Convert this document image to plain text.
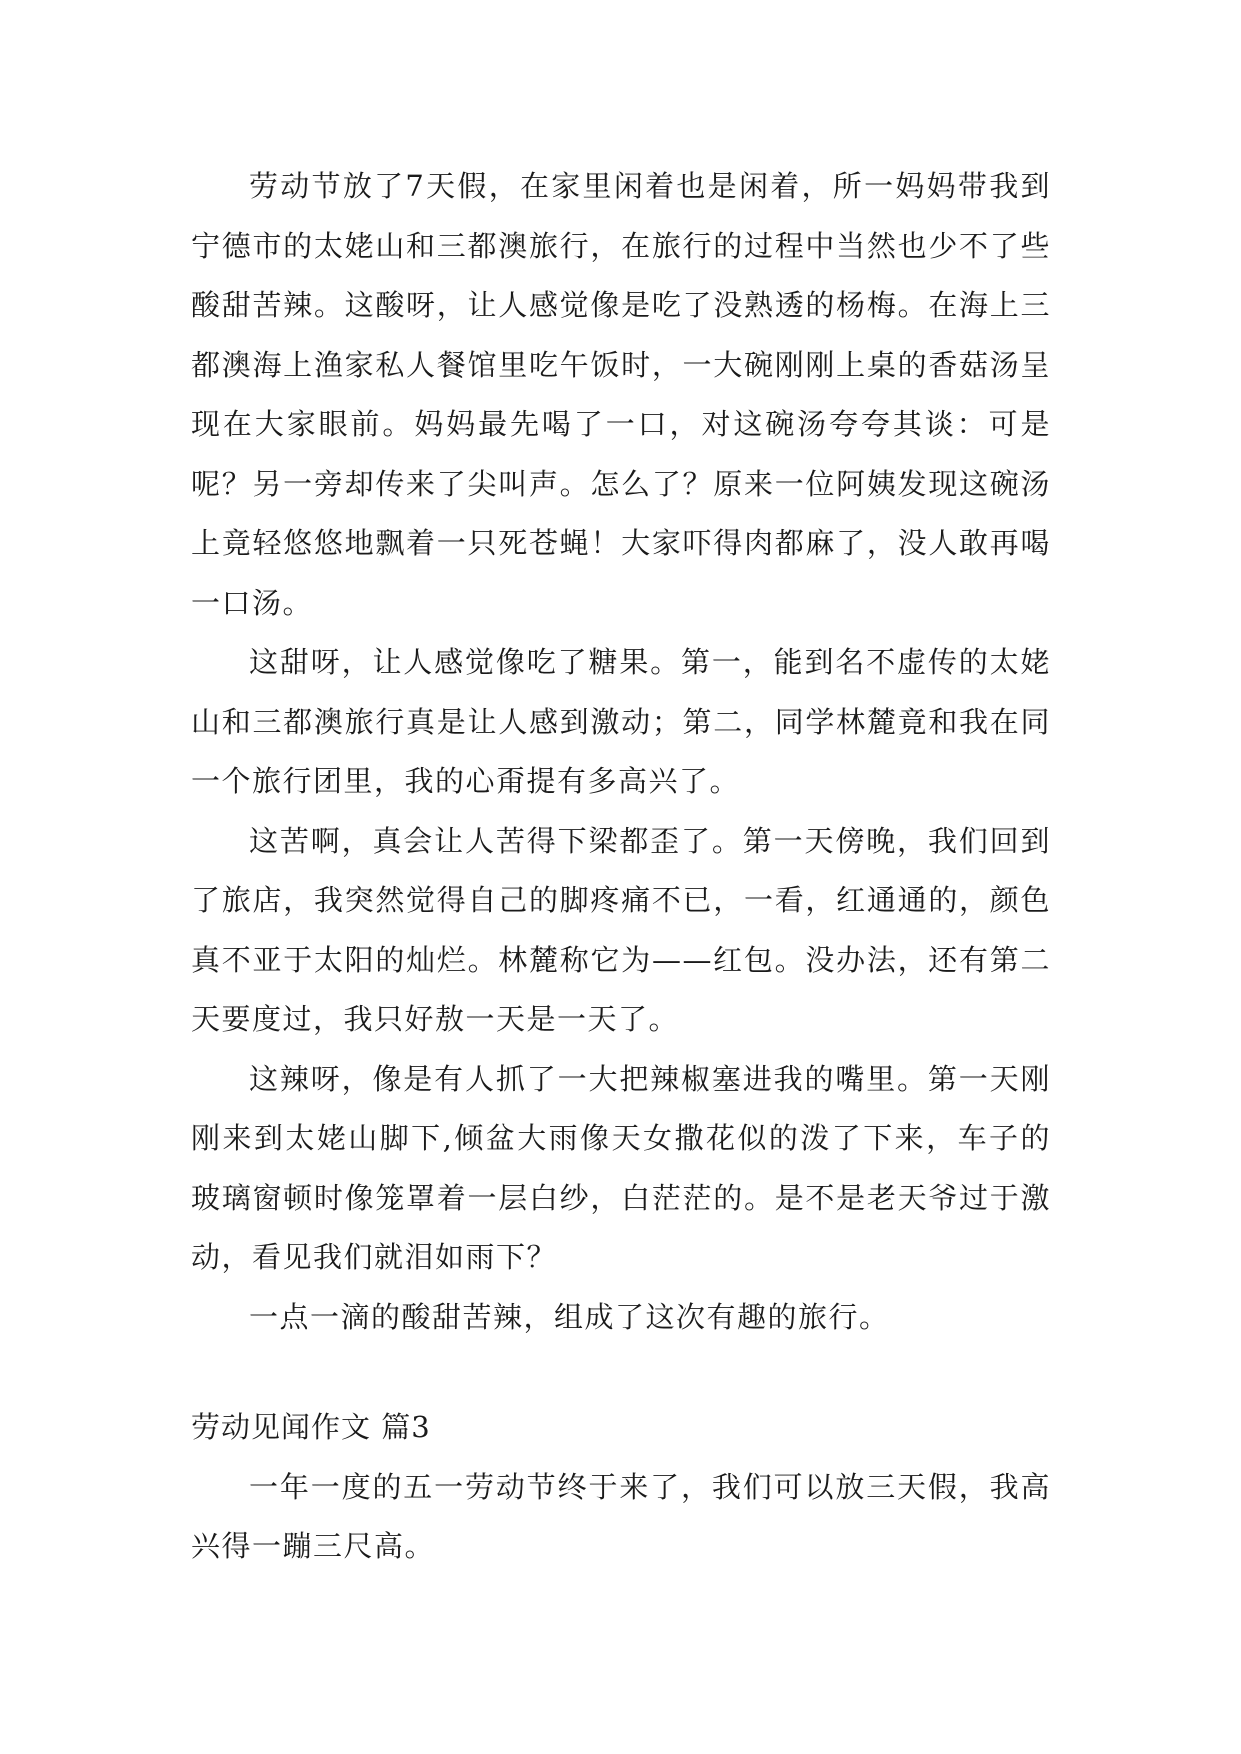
劳动节放了7天假，在家里闲着也是闲着，所一妈妈带我到宁德市的太姥山和三都澳旅行，在旅行的过程中当然也少不了些酸甜苦辣。这酸呀，让人感觉像是吃了没熟透的杨梅。在海上三都澳海上渔家私人餐馆里吃午饭时，一大碗刚刚上桌的香菇汤呈现在大家眼前。妈妈最先喝了一口，对这碗汤夸夸其谈：可是呢？另一旁却传来了尖叫声。怎么了？原来一位阿姨发现这碗汤上竟轻悠悠地飘着一只死苍蝇！大家吓得肉都麻了，没人敢再喝一口汤。

这甜呀，让人感觉像吃了糖果。第一，能到名不虚传的太姥山和三都澳旅行真是让人感到激动；第二，同学林麓竟和我在同一个旅行团里，我的心甭提有多高兴了。

这苦啊，真会让人苦得下梁都歪了。第一天傍晚，我们回到了旅店，我突然觉得自己的脚疼痛不已，一看，红通通的，颜色真不亚于太阳的灿烂。林麓称它为——红包。没办法，还有第二天要度过，我只好敖一天是一天了。

这辣呀，像是有人抓了一大把辣椒塞进我的嘴里。第一天刚刚来到太姥山脚下,倾盆大雨像天女撒花似的泼了下来，车子的玻璃窗顿时像笼罩着一层白纱，白茫茫的。是不是老天爷过于激动，看见我们就泪如雨下？

一点一滴的酸甜苦辣，组成了这次有趣的旅行。

劳动见闻作文 篇3

一年一度的五一劳动节终于来了，我们可以放三天假，我高兴得一蹦三尺高。
